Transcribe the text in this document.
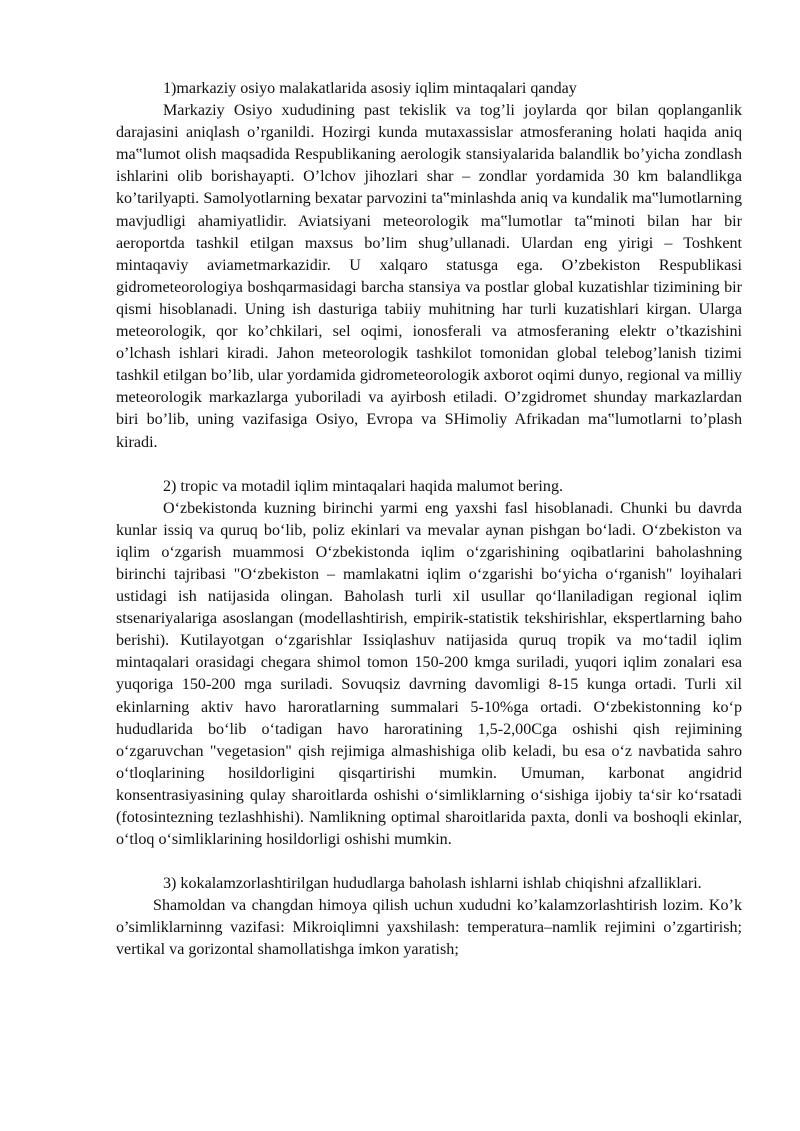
1)markaziy osiyo malakatlarida asosiy iqlim mintaqalari qanday

Markaziy Osiyo xududining past tekislik va tog’li joylarda qor bilan qoplanganlik darajasini aniqlash o’rganildi. Hozirgi kunda mutaxassislar atmosferaning holati haqida aniq ma‟lumot olish maqsadida Respublikaning aerologik stansiyalarida balandlik bo’yicha zondlash ishlarini olib borishayapti. O’lchov jihozlari shar – zondlar yordamida 30 km balandlikga ko’tarilyapti. Samolyotlarning bexatar parvozini ta‟minlashda aniq va kundalik ma‟lumotlarning mavjudligi ahamiyatlidir. Aviatsiyani meteorologik ma‟lumotlar ta‟minoti bilan har bir aeroportda tashkil etilgan maxsus bo’lim shug’ullanadi. Ulardan eng yirigi – Toshkent mintaqaviy aviametmarkazidir. U xalqaro statusga ega. O’zbekiston Respublikasi gidrometeorologiya boshqarmasidagi barcha stansiya va postlar global kuzatishlar tizimining bir qismi hisoblanadi. Uning ish dasturiga tabiiy muhitning har turli kuzatishlari kirgan. Ularga meteorologik, qor ko’chkilari, sel oqimi, ionosferali va atmosferaning elektr o’tkazishini o’lchash ishlari kiradi. Jahon meteorologik tashkilot tomonidan global telebog’lanish tizimi tashkil etilgan bo’lib, ular yordamida gidrometeorologik axborot oqimi dunyo, regional va milliy meteorologik markazlarga yuboriladi va ayirbosh etiladi. O’zgidromet shunday markazlardan biri bo’lib, uning vazifasiga Osiyo, Evropa va SHimoliy Afrikadan ma‟lumotlarni to’plash kiradi.

2) tropic va motadil iqlim mintaqalari haqida malumot bering.

O‘zbekistonda kuzning birinchi yarmi eng yaxshi fasl hisoblanadi. Chunki bu davrda kunlar issiq va quruq bo‘lib, poliz ekinlari va mevalar aynan pishgan bo‘ladi. O‘zbekiston va iqlim o‘zgarish muammosi O‘zbekistonda iqlim o‘zgarishining oqibatlarini baholashning birinchi tajribasi "O‘zbekiston – mamlakatni iqlim o‘zgarishi bo‘yicha o‘rganish" loyihalari ustidagi ish natijasida olingan. Baholash turli xil usullar qo‘llaniladigan regional iqlim stsenariyalariga asoslangan (modellashtirish, empirik-statistik tekshirishlar, ekspertlarning baho berishi). Kutilayotgan o‘zgarishlar Issiqlashuv natijasida quruq tropik va mo‘tadil iqlim mintaqalari orasidagi chegara shimol tomon 150-200 kmga suriladi, yuqori iqlim zonalari esa yuqoriga 150-200 mga suriladi. Sovuqsiz davrning davomligi 8-15 kunga ortadi. Turli xil ekinlarning aktiv havo haroratlarning summalari 5-10%ga ortadi. O‘zbekistonning ko‘p hududlarida bo‘lib o‘tadigan havo haroratining 1,5-2,00Cga oshishi qish rejimining o‘zgaruvchan "vegetasion" qish rejimiga almashishiga olib keladi, bu esa o‘z navbatida sahro o‘tloqlarining hosildorligini qisqartirishi mumkin. Umuman, karbonat angidrid konsentrasiyasining qulay sharoitlarda oshishi o‘simliklarning o‘sishiga ijobiy ta‘sir ko‘rsatadi (fotosintezning tezlashhishi). Namlikning optimal sharoitlarida paxta, donli va boshoqli ekinlar, o‘tloq o‘simliklarining hosildorligi oshishi mumkin.

3) kokalamzorlashtirilgan hududlarga baholash ishlarni ishlab chiqishni afzalliklari.

Shamoldan va changdan himoya qilish uchun xududni ko’kalamzorlashtirish lozim. Ko’k o’simliklarninng vazifasi: Mikroiqlimni yaxshilash: temperatura–namlik rejimini o’zgartirish; vertikal va gorizontal shamollatishga imkon yaratish;
